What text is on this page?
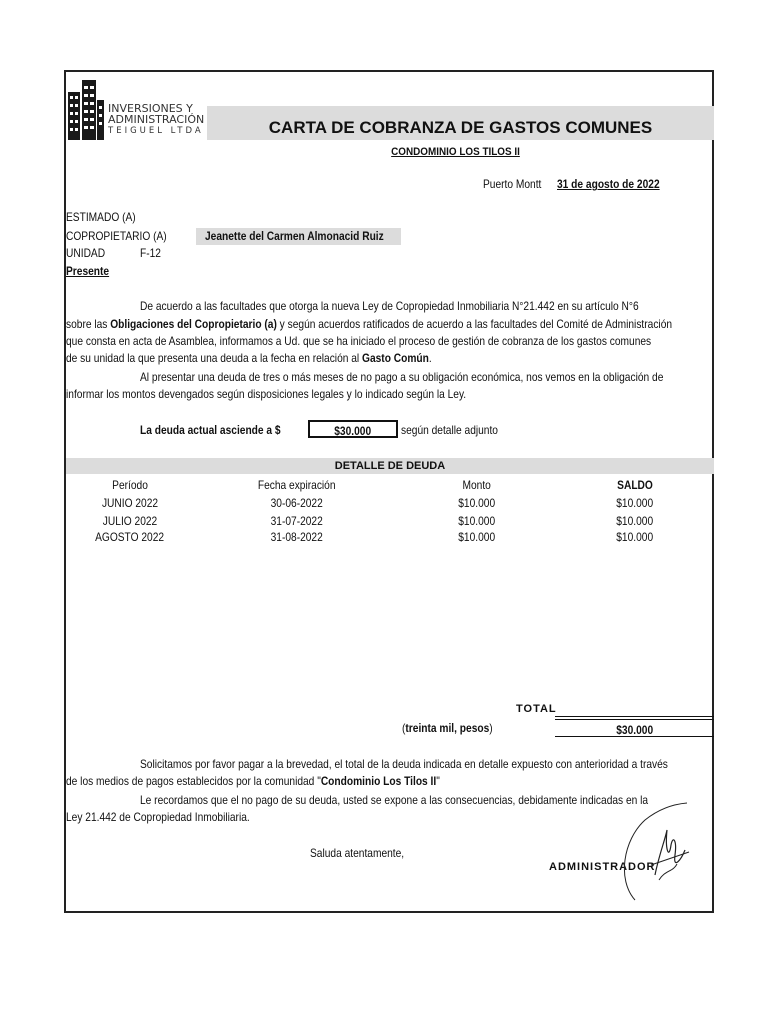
INVERSIONES Y
ADMINISTRACIÓN
TEIGUEL LTDA	CARTA DE COBRANZA DE GASTOS COMUNES
CONDOMINIO LOS TILOS II
Puerto Montt 31 de agosto de 2022
ESTIMADO (A)
COPROPIETARIO (A)	Jeanette del Carmen Almonacid Ruiz
UNIDAD	F-12
Presente
De acuerdo a las facultades que otorga la nueva Ley de Copropiedad Inmobiliaria N°21.442 en su artículo N°6
sobre las Obligaciones del Copropietario (a) y según acuerdos ratificados de acuerdo a las facultades del Comité de Administración
que consta en acta de Asamblea, informamos a Ud. que se ha iniciado el proceso de gestión de cobranza de los gastos comunes
de su unidad la que presenta una deuda a la fecha en relación al Gasto Común.
Al presentar una deuda de tres o más meses de no pago a su obligación económica, nos vemos en la obligación de
informar los montos devengados según disposiciones legales y lo indicado según la Ley.
La deuda actual asciende a $	$30.000	según detalle adjunto
DETALLE DE DEUDA
Período	Fecha expiración	Monto	SALDO
JUNIO 2022	30-06-2022	$10.000	$10.000
JULIO 2022	31-07-2022	$10.000	$10.000
AGOSTO 2022	31-08-2022	$10.000	$10.000
TOTAL
(treinta mil, pesos)	$30.000
Solicitamos por favor pagar a la brevedad, el total de la deuda indicada en detalle expuesto con anterioridad a través
de los medios de pagos establecidos por la comunidad "Condominio Los Tilos II"
Le recordamos que el no pago de su deuda, usted se expone a las consecuencias, debidamente indicadas en la
Ley 21.442 de Copropiedad Inmobiliaria.
Saluda atentamente,
ADMINISTRADOR
